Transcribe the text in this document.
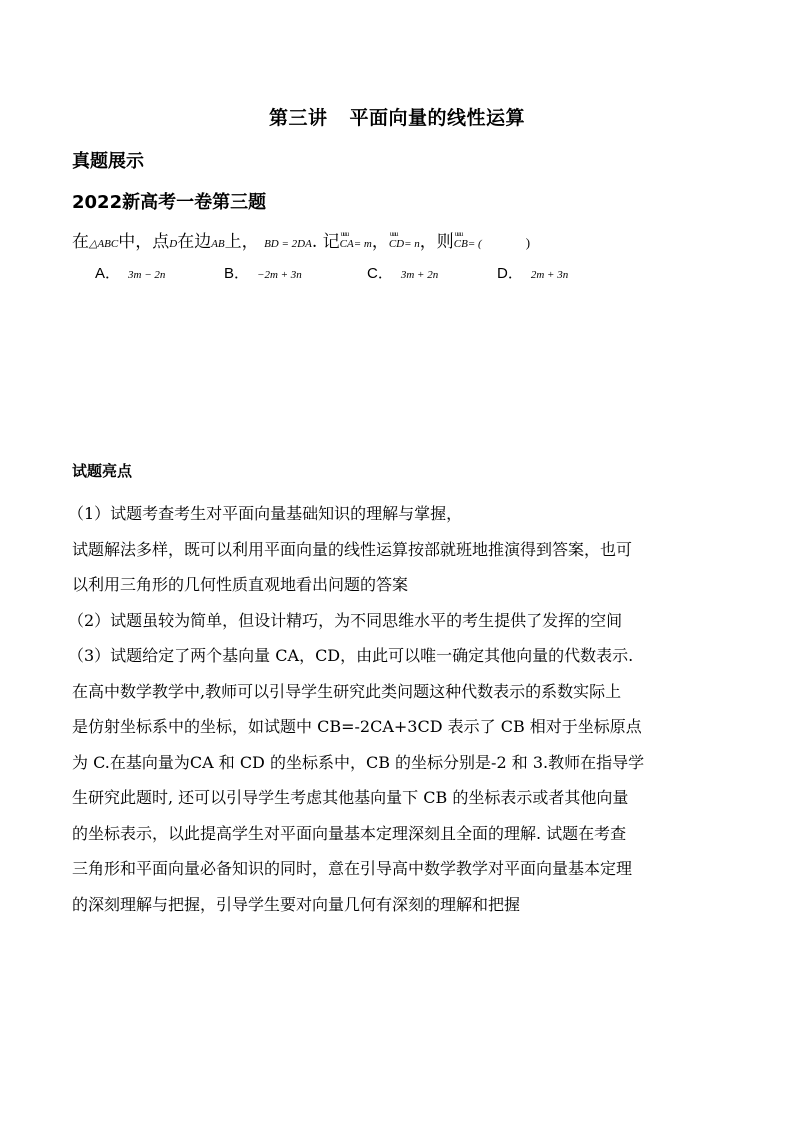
第三讲 平面向量的线性运算
真题展示
2022新高考一卷第三题
在△ABC中，点D在边AB上， BD = 2DA. 记 uuu
CA= m， uuu
CD= n，则 uuu
CB= (	)
A． 3m − 2n	B． −2m + 3n	C． 3m + 2n	D． 2m + 3n
试题亮点

（1）试题考查考生对平面向量基础知识的理解与掌握，

试题解法多样，既可以利用平面向量的线性运算按部就班地推演得到答案，也可

以利用三角形的几何性质直观地看出问题的答案

（2）试题虽较为简单，但设计精巧，为不同思维水平的考生提供了发挥的空间

（3）试题给定了两个基向量 CA，CD，由此可以唯一确定其他向量的代数表示.

在高中数学教学中,教师可以引导学生研究此类问题这种代数表示的系数实际上

是仿射坐标系中的坐标，如试题中 CB=-2CA+3CD 表示了 CB 相对于坐标原点

为 C.在基向量为CA 和 CD 的坐标系中，CB 的坐标分别是-2 和 3.教师在指导学

生研究此题时, 还可以引导学生考虑其他基向量下 CB 的坐标表示或者其他向量

的坐标表示，以此提高学生对平面向量基本定理深刻且全面的理解. 试题在考查

三角形和平面向量必备知识的同时，意在引导高中数学教学对平面向量基本定理

的深刻理解与把握，引导学生要对向量几何有深刻的理解和把握
